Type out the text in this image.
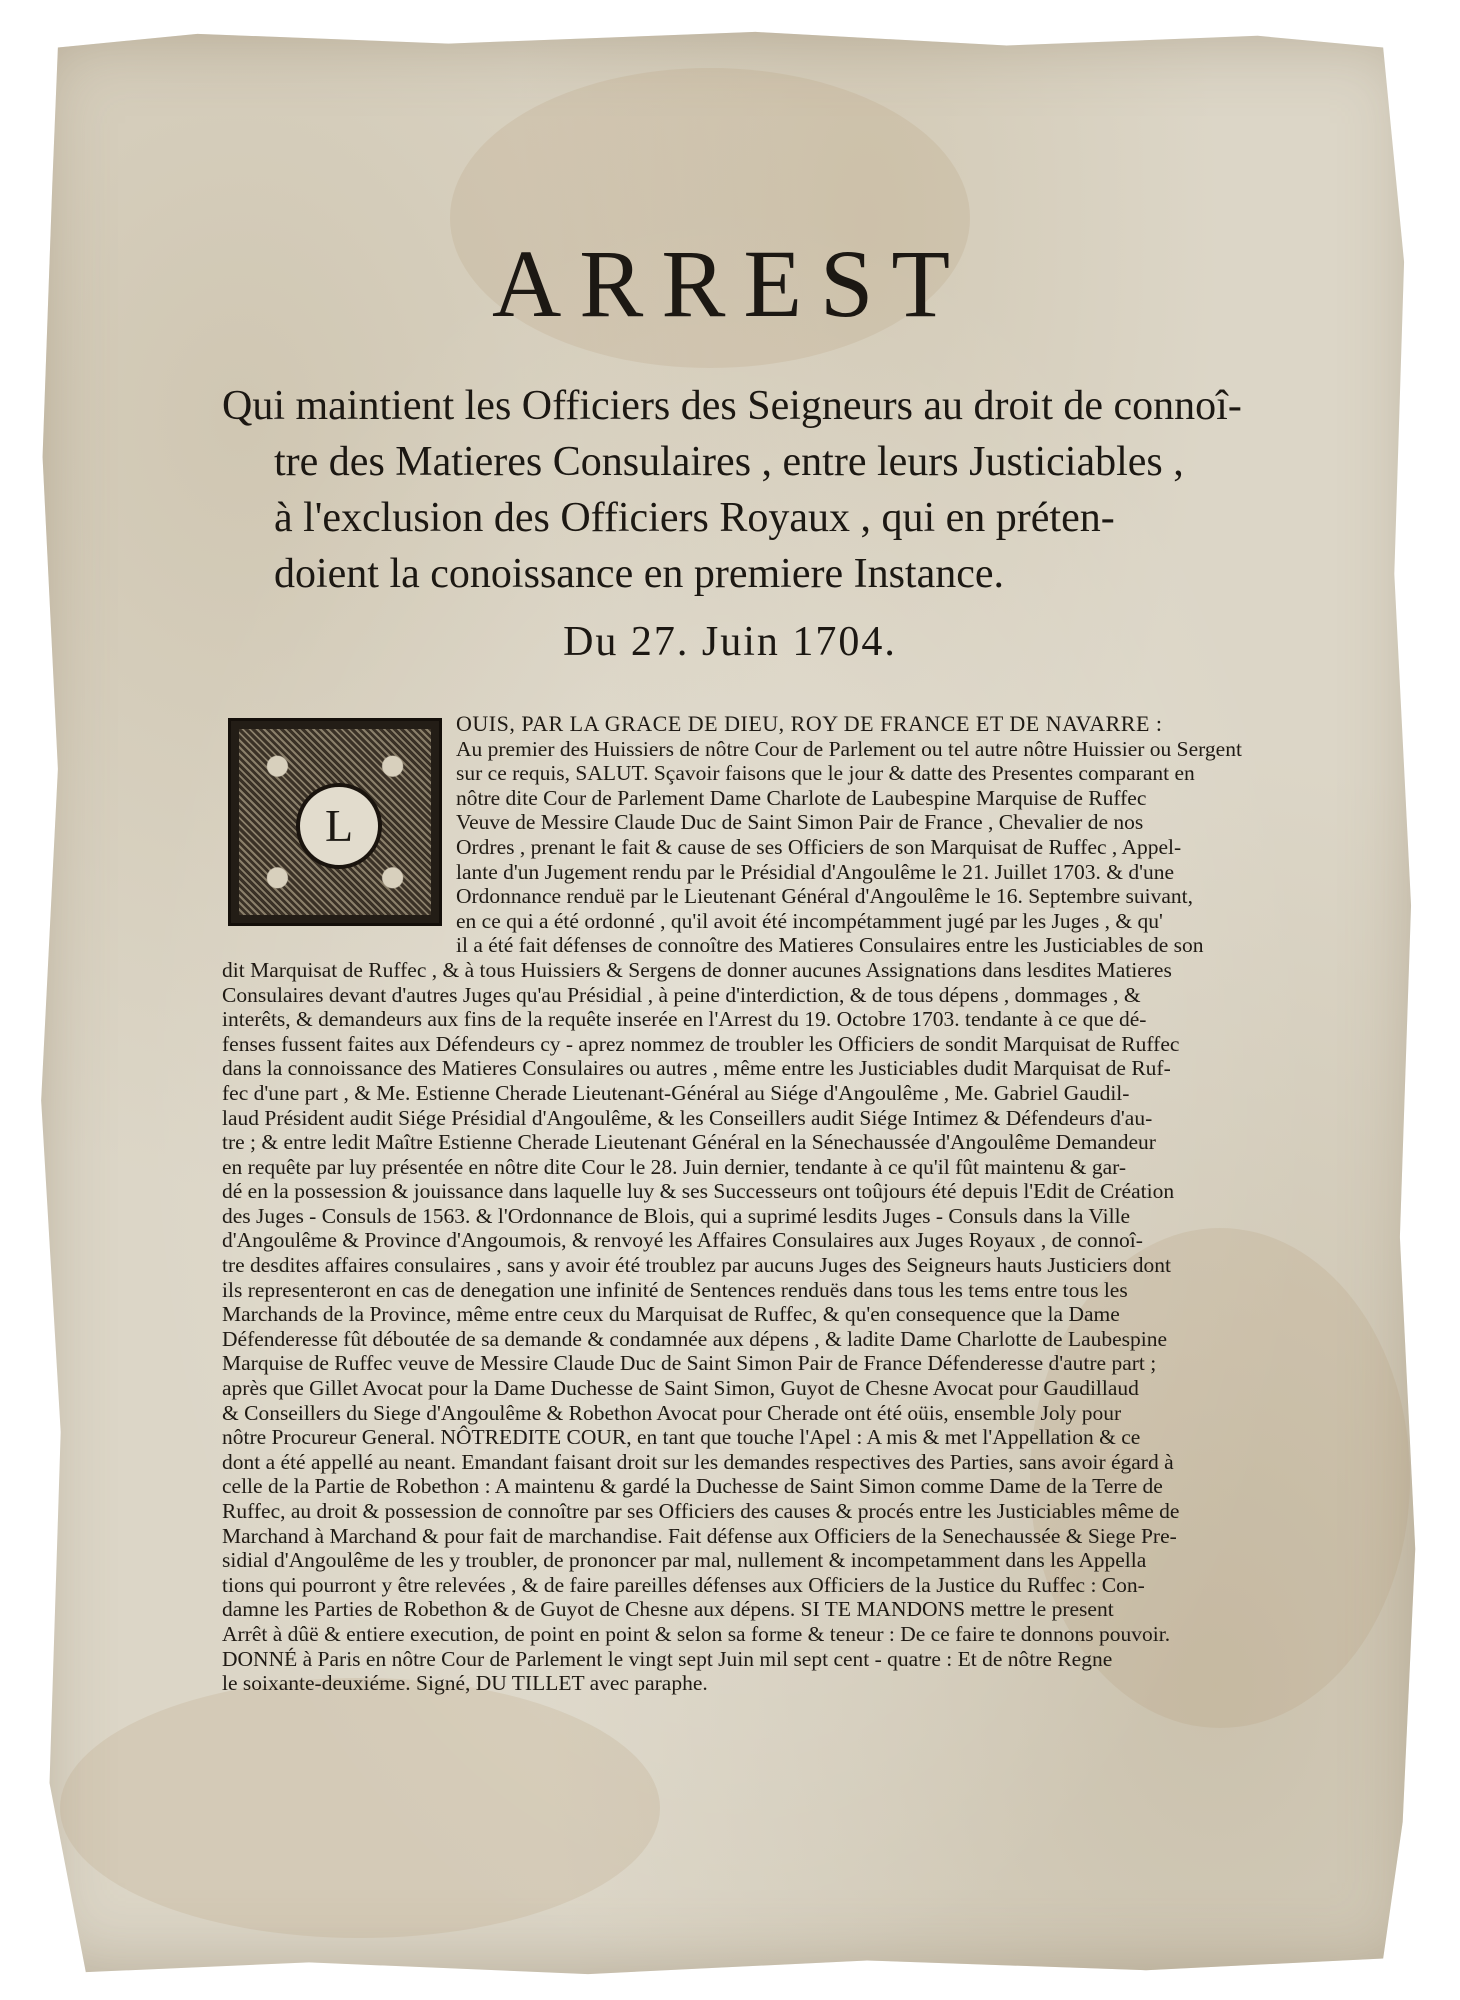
ARREST

Qui maintient les Officiers des Seigneurs au droit de connoî-

tre des Matieres Consulaires , entre leurs Justiciables ,

à l'exclusion des Officiers Royaux , qui en préten-

doient la conoissance en premiere Instance.

Du 27. Juin 1704.
L
OUIS, PAR LA GRACE DE DIEU, ROY DE FRANCE ET DE NAVARRE :
Au premier des Huissiers de nôtre Cour de Parlement ou tel autre nôtre Huissier ou Sergent
sur ce requis, SALUT. Sçavoir faisons que le jour & datte des Presentes comparant en
nôtre dite Cour de Parlement Dame Charlote de Laubespine Marquise de Ruffec
Veuve de Messire Claude Duc de Saint Simon Pair de France , Chevalier de nos
Ordres , prenant le fait & cause de ses Officiers de son Marquisat de Ruffec , Appel-
lante d'un Jugement rendu par le Présidial d'Angoulême le 21. Juillet 1703. & d'une
Ordonnance renduë par le Lieutenant Général d'Angoulême le 16. Septembre suivant,
en ce qui a été ordonné , qu'il avoit été incompétamment jugé par les Juges , & qu'
il a été fait défenses de connoître des Matieres Consulaires entre les Justiciables de son
dit Marquisat de Ruffec , & à tous Huissiers & Sergens de donner aucunes Assignations dans lesdites Matieres
Consulaires devant d'autres Juges qu'au Présidial , à peine d'interdiction, & de tous dépens , dommages , &
interêts, & demandeurs aux fins de la requête inserée en l'Arrest du 19. Octobre 1703. tendante à ce que dé-
fenses fussent faites aux Défendeurs cy - aprez nommez de troubler les Officiers de sondit Marquisat de Ruffec
dans la connoissance des Matieres Consulaires ou autres , même entre les Justiciables dudit Marquisat de Ruf-
fec d'une part , & Me. Estienne Cherade Lieutenant-Général au Siége d'Angoulême , Me. Gabriel Gaudil-
laud Président audit Siége Présidial d'Angoulême, & les Conseillers audit Siége Intimez & Défendeurs d'au-
tre ; & entre ledit Maître Estienne Cherade Lieutenant Général en la Sénechaussée d'Angoulême Demandeur
en requête par luy présentée en nôtre dite Cour le 28. Juin dernier, tendante à ce qu'il fût maintenu & gar-
dé en la possession & jouissance dans laquelle luy & ses Successeurs ont toûjours été depuis l'Edit de Création
des Juges - Consuls de 1563. & l'Ordonnance de Blois, qui a suprimé lesdits Juges - Consuls dans la Ville
d'Angoulême & Province d'Angoumois, & renvoyé les Affaires Consulaires aux Juges Royaux , de connoî-
tre desdites affaires consulaires , sans y avoir été troublez par aucuns Juges des Seigneurs hauts Justiciers dont
ils representeront en cas de denegation une infinité de Sentences renduës dans tous les tems entre tous les
Marchands de la Province, même entre ceux du Marquisat de Ruffec, & qu'en consequence que la Dame
Défenderesse fût déboutée de sa demande & condamnée aux dépens , & ladite Dame Charlotte de Laubespine
Marquise de Ruffec veuve de Messire Claude Duc de Saint Simon Pair de France Défenderesse d'autre part ;
après que Gillet Avocat pour la Dame Duchesse de Saint Simon, Guyot de Chesne Avocat pour Gaudillaud
& Conseillers du Siege d'Angoulême & Robethon Avocat pour Cherade ont été oüis, ensemble Joly pour
nôtre Procureur General. NÔTREDITE COUR, en tant que touche l'Apel : A mis & met l'Appellation & ce
dont a été appellé au neant. Emandant faisant droit sur les demandes respectives des Parties, sans avoir égard à
celle de la Partie de Robethon : A maintenu & gardé la Duchesse de Saint Simon comme Dame de la Terre de
Ruffec, au droit & possession de connoître par ses Officiers des causes & procés entre les Justiciables même de
Marchand à Marchand & pour fait de marchandise. Fait défense aux Officiers de la Senechaussée & Siege Pre-
sidial d'Angoulême de les y troubler, de prononcer par mal, nullement & incompetamment dans les Appella
tions qui pourront y être relevées , & de faire pareilles défenses aux Officiers de la Justice du Ruffec : Con-
damne les Parties de Robethon & de Guyot de Chesne aux dépens. SI TE MANDONS mettre le present
Arrêt à dûë & entiere execution, de point en point & selon sa forme & teneur : De ce faire te donnons pouvoir.
DONNÉ à Paris en nôtre Cour de Parlement le vingt sept Juin mil sept cent - quatre : Et de nôtre Regne
le soixante-deuxiéme. Signé, DU TILLET avec paraphe.
